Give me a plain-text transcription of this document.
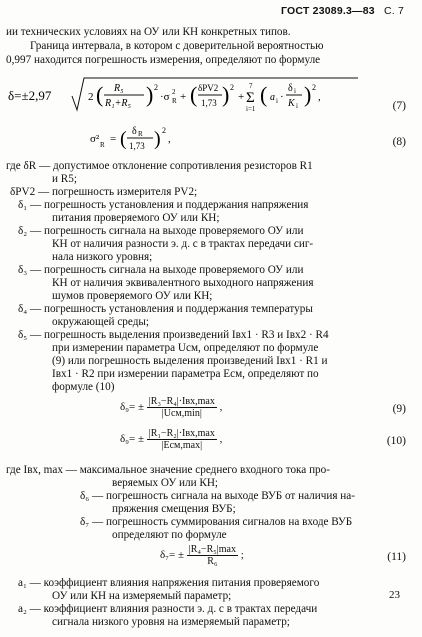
ГОСТ 23089.3—83 С. 7
ии технических условиях на ОУ или КН конкретных типов.
Граница интервала, в котором с доверительной вероятностью
0,997 находится погрешность измерения, определяют по формуле
δ=±2,97	2 ( R₅
R₁+R₅ ) 2
·σ R
2 + ( δPV2
1,73 ) 2
+
7
Σ
i=1
( a i ·
δ i
K i ) 2
,
(7)
σ² R = ( δ R
1,73 ) 2
,	(8)
где δR — допустимое отклонение сопротивления резисторов R1
и R5;
δPV2 — погрешность измерителя PV2;
δ₁ — погрешность установления и поддержания напряжения
питания проверяемого ОУ или КН;
δ₂ — погрешность сигнала на выходе проверяемого ОУ или
КН от наличия разности э. д. с в трактах передачи сиг-
нала низкого уровня;
δ₃ — погрешность сигнала на выходе проверяемого ОУ или
КН от наличия эквивалентного выходного напряжения
шумов проверяемого ОУ или КН;
δ₄ — погрешность установления и поддержания температуры
окружающей среды;
δ₅ — погрешность выделения произведений Iвх1 · R3 и Iвх2 · R4
при измерении параметра Uсм, определяют по формуле
(9) или погрешность выделения произведений Iвх1 · R1 и
Iвх1 · R2 при измерении параметра Eсм, определяют по
формуле (10)
$\delta_9= \pm \frac{\text{|R₃−R₄|·Iвх,max}}{\text{|Uсм,min|}}$ ,	(9)
$\delta_9= \pm \frac{\text{|R₁−R₂|·Iвх,max}}{\text{|Eсм,max|}}$ ,	(10)
где Iвх, max — максимальное значение среднего входного тока про-
веряемых ОУ или КН;
δ₆ — погрешность сигнала на выходе ВУБ от наличия на-
пряжения смещения ВУБ;
δ₇ — погрешность суммирования сигналов на входе ВУБ
определяют по формуле
$\delta_7= \pm \frac{\text{|R₄−R₅|max}}{\text{R₆}}$ ;	(11)
a₁ — коэффициент влияния напряжения питания проверяемого
ОУ или КН на измеряемый параметр;
a₂ — коэффициент влияния разности э. д. с в трактах передачи
сигнала низкого уровня на измеряемый параметр;
23
